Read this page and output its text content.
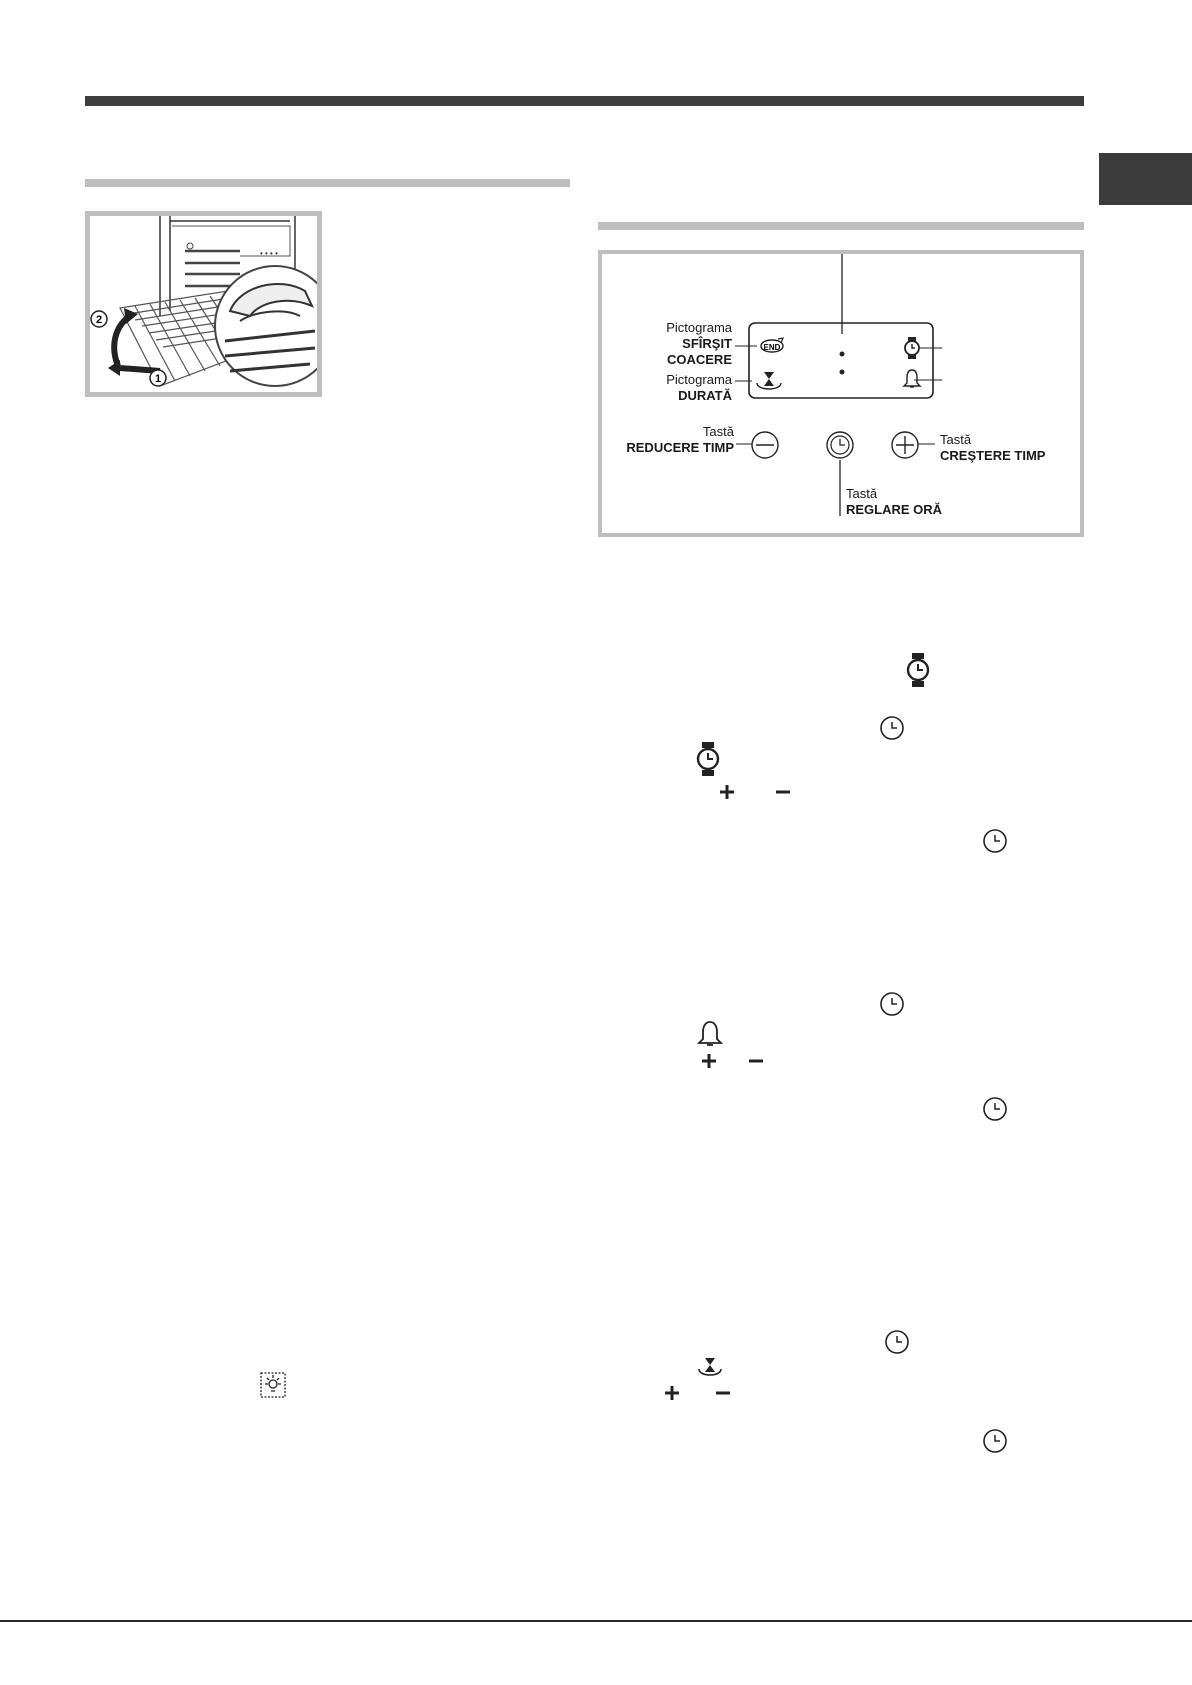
• • • •
2
1
END
Pictograma
SFÎRŞIT
COACERE
Pictograma
DURATĂ
Tastă
REDUCERE TIMP
Tastă
CREŞTERE TIMP
Tastă
REGLARE ORĂ
